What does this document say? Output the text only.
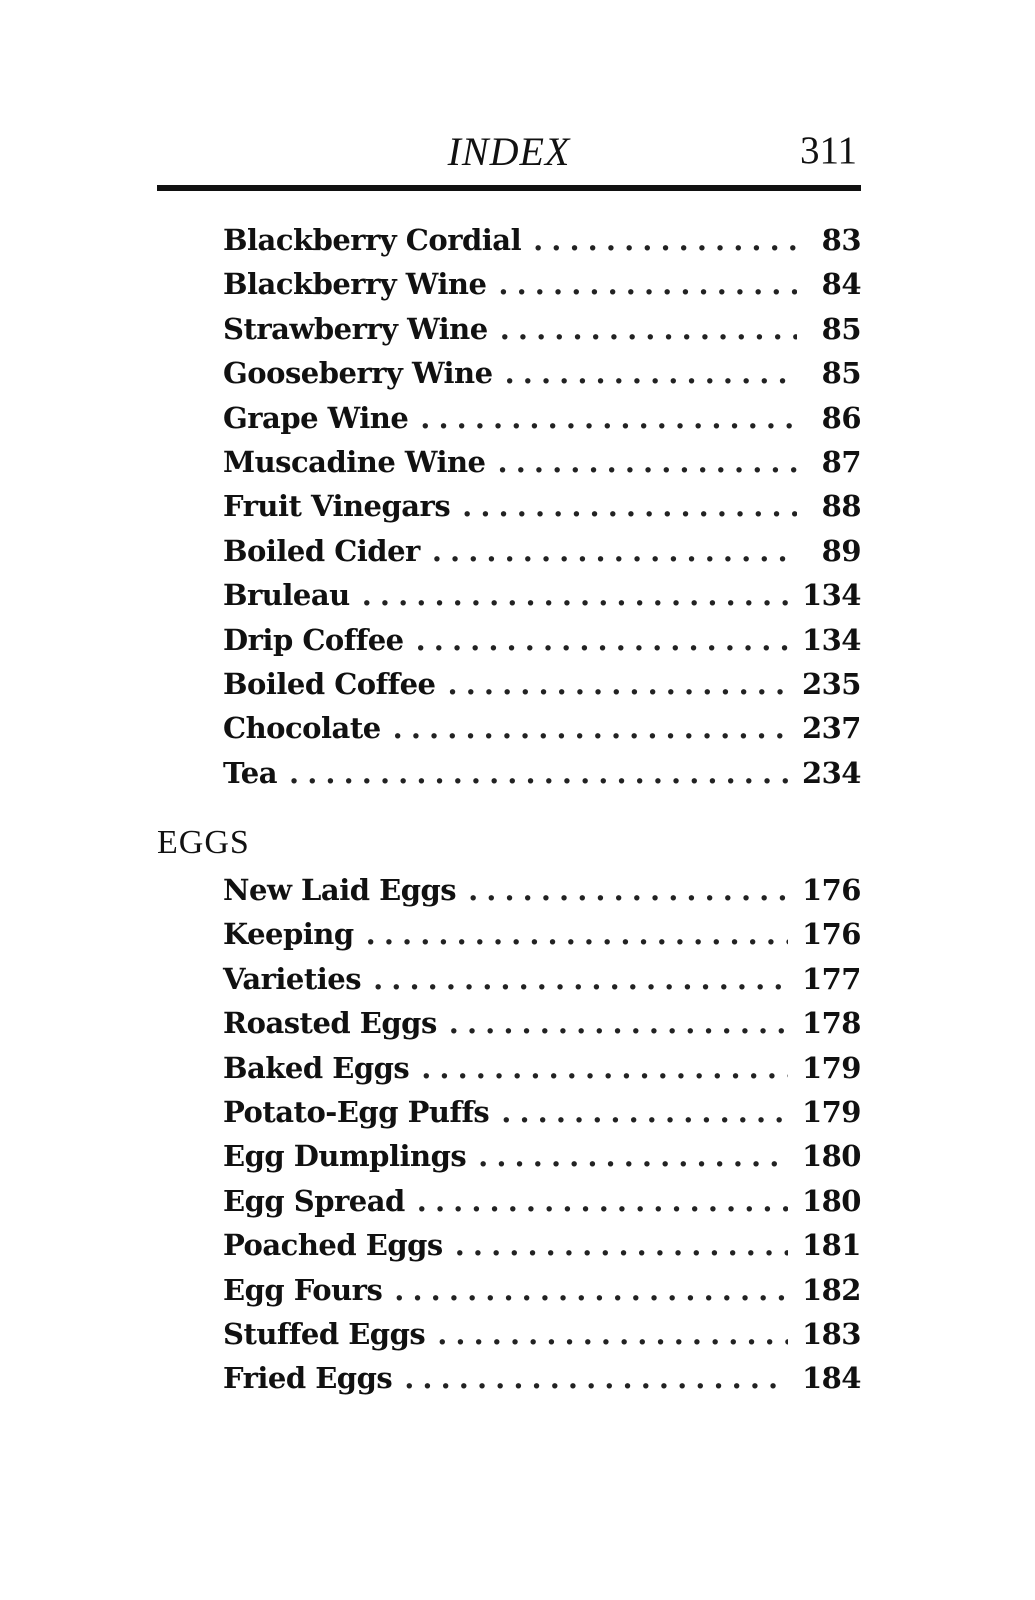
INDEX	311
Blackberry Cordial . . .	83
Blackberry Wine . . .	84
Strawberry Wine . . .	85
Gooseberry Wine . . .	85
Grape Wine . . .	86
Muscadine Wine . . .	87
Fruit Vinegars . . .	88
Boiled Cider . . .	89
Bruleau . . .	134
Drip Coffee . . .	134
Boiled Coffee . . .	235
Chocolate . . .	237
Tea . . .	234
EGGS
New Laid Eggs . . .	176
Keeping . . .	176
Varieties . . .	177
Roasted Eggs . . .	178
Baked Eggs . . .	179
Potato-Egg Puffs . . .	179
Egg Dumplings . . .	180
Egg Spread . . .	180
Poached Eggs . . .	181
Egg Fours . . .	182
Stuffed Eggs . . .	183
Fried Eggs . . .	184
